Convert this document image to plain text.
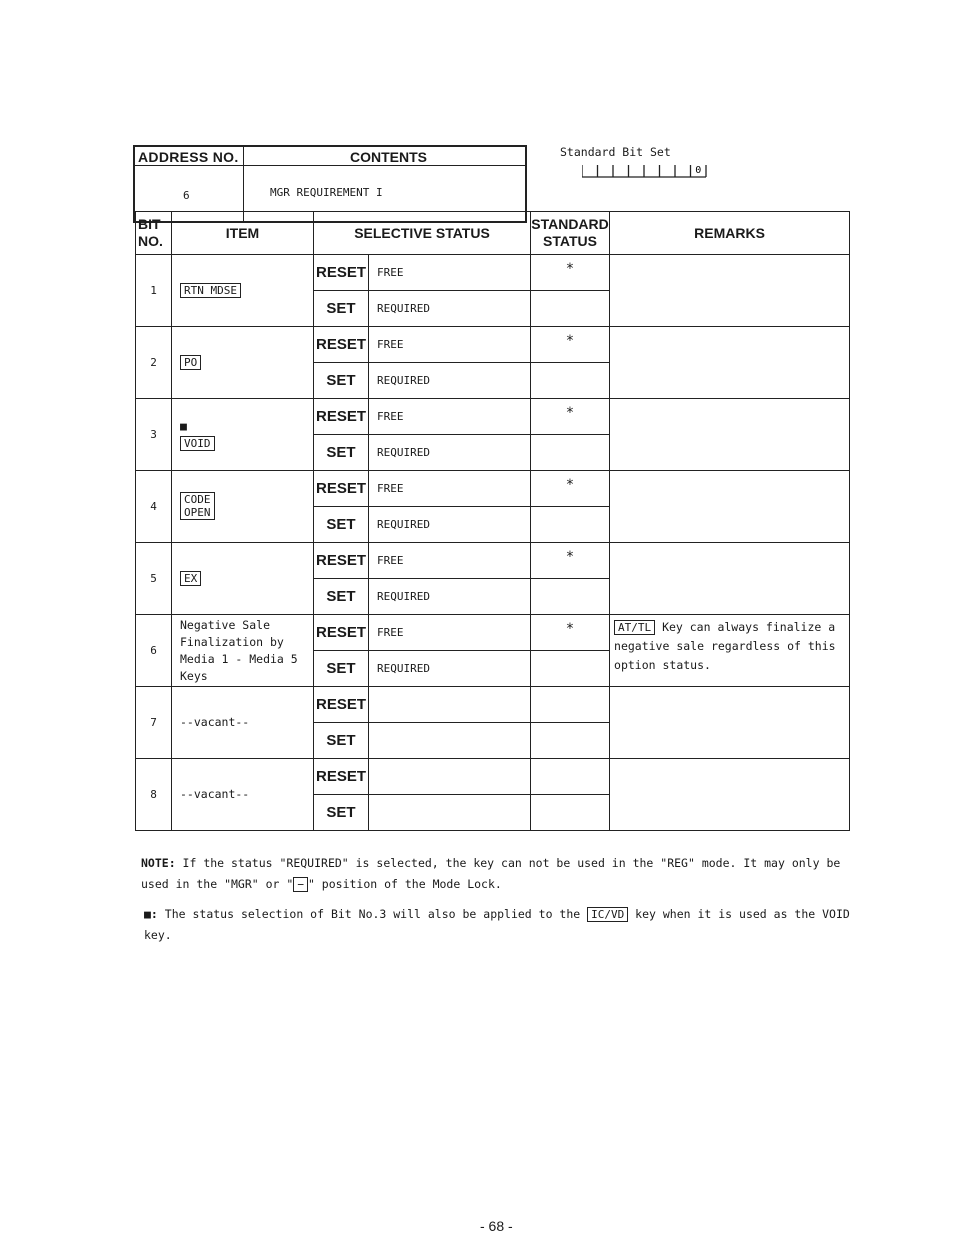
ADDRESS NO.	CONTENTS
6	MGR REQUIREMENT I
Standard Bit Set
0
BIT
NO.	ITEM	SELECTIVE STATUS		STANDARD
STATUS	REMARKS
1	RTN MDSE	RESET	FREE	*	
		SET	REQUIRED		
2	PO	RESET	FREE	*	
		SET	REQUIRED		
3	■
VOID	RESET	FREE	*	
		SET	REQUIRED		
4	CODE
OPEN	RESET	FREE	*	
		SET	REQUIRED		
5	EX	RESET	FREE	*	
		SET	REQUIRED		
6	Negative Sale Finalization by Media 1 - Media 5 Keys	RESET	FREE	*	AT/TL Key can always finalize a negative sale regardless of this option status.
		SET	REQUIRED		
7	--vacant--	RESET			
		SET			
8	--vacant--	RESET			
		SET			
NOTE: If the status "REQUIRED" is selected, the key can not be used in the "REG" mode. It may only be used in the "MGR" or " − " position of the Mode Lock.
■: The status selection of Bit No.3 will also be applied to the IC/VD key when it is used as the VOID key.
- 68 -
